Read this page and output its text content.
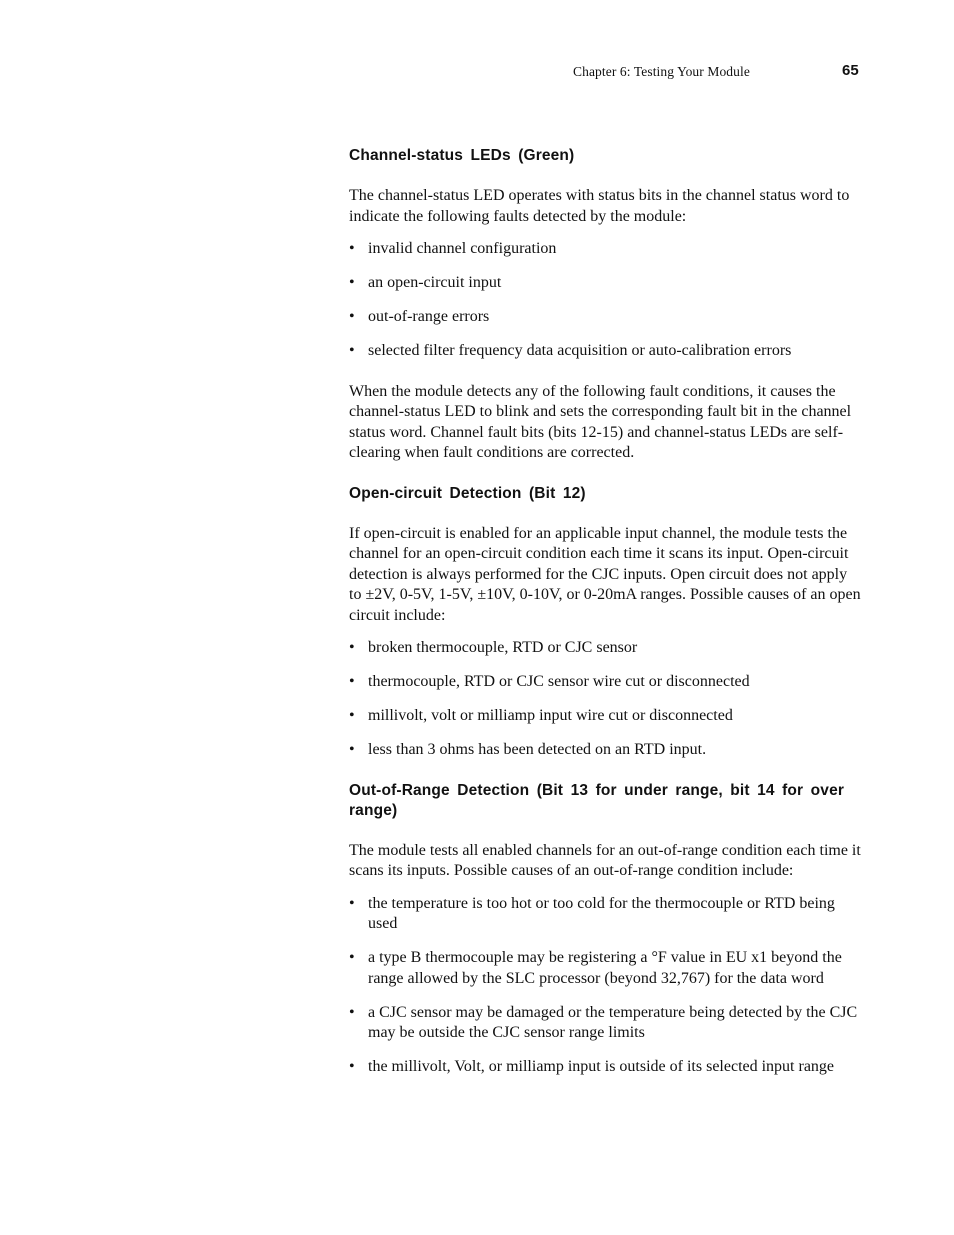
Chapter 6: Testing Your Module	65
Channel-status LEDs (Green)

The channel-status LED operates with status bits in the channel status word to indicate the following faults detected by the module:

• invalid channel configuration
• an open-circuit input
• out-of-range errors
• selected filter frequency data acquisition or auto-calibration errors

When the module detects any of the following fault conditions, it causes the channel-status LED to blink and sets the corresponding fault bit in the channel status word. Channel fault bits (bits 12-15) and channel-status LEDs are self-clearing when fault conditions are corrected.

Open-circuit Detection (Bit 12)

If open-circuit is enabled for an applicable input channel, the module tests the channel for an open-circuit condition each time it scans its input. Open-circuit detection is always performed for the CJC inputs. Open circuit does not apply to ±2V, 0-5V, 1-5V, ±10V, 0-10V, or 0-20mA ranges. Possible causes of an open circuit include:

• broken thermocouple, RTD or CJC sensor
• thermocouple, RTD or CJC sensor wire cut or disconnected
• millivolt, volt or milliamp input wire cut or disconnected
• less than 3 ohms has been detected on an RTD input.
Out-of-Range Detection (Bit 13 for under range, bit 14 for over range)

The module tests all enabled channels for an out-of-range condition each time it scans its inputs. Possible causes of an out-of-range condition include:

• the temperature is too hot or too cold for the thermocouple or RTD being used
• a type B thermocouple may be registering a °F value in EU x1 beyond the range allowed by the SLC processor (beyond 32,767) for the data word
• a CJC sensor may be damaged or the temperature being detected by the CJC may be outside the CJC sensor range limits
• the millivolt, Volt, or milliamp input is outside of its selected input range
